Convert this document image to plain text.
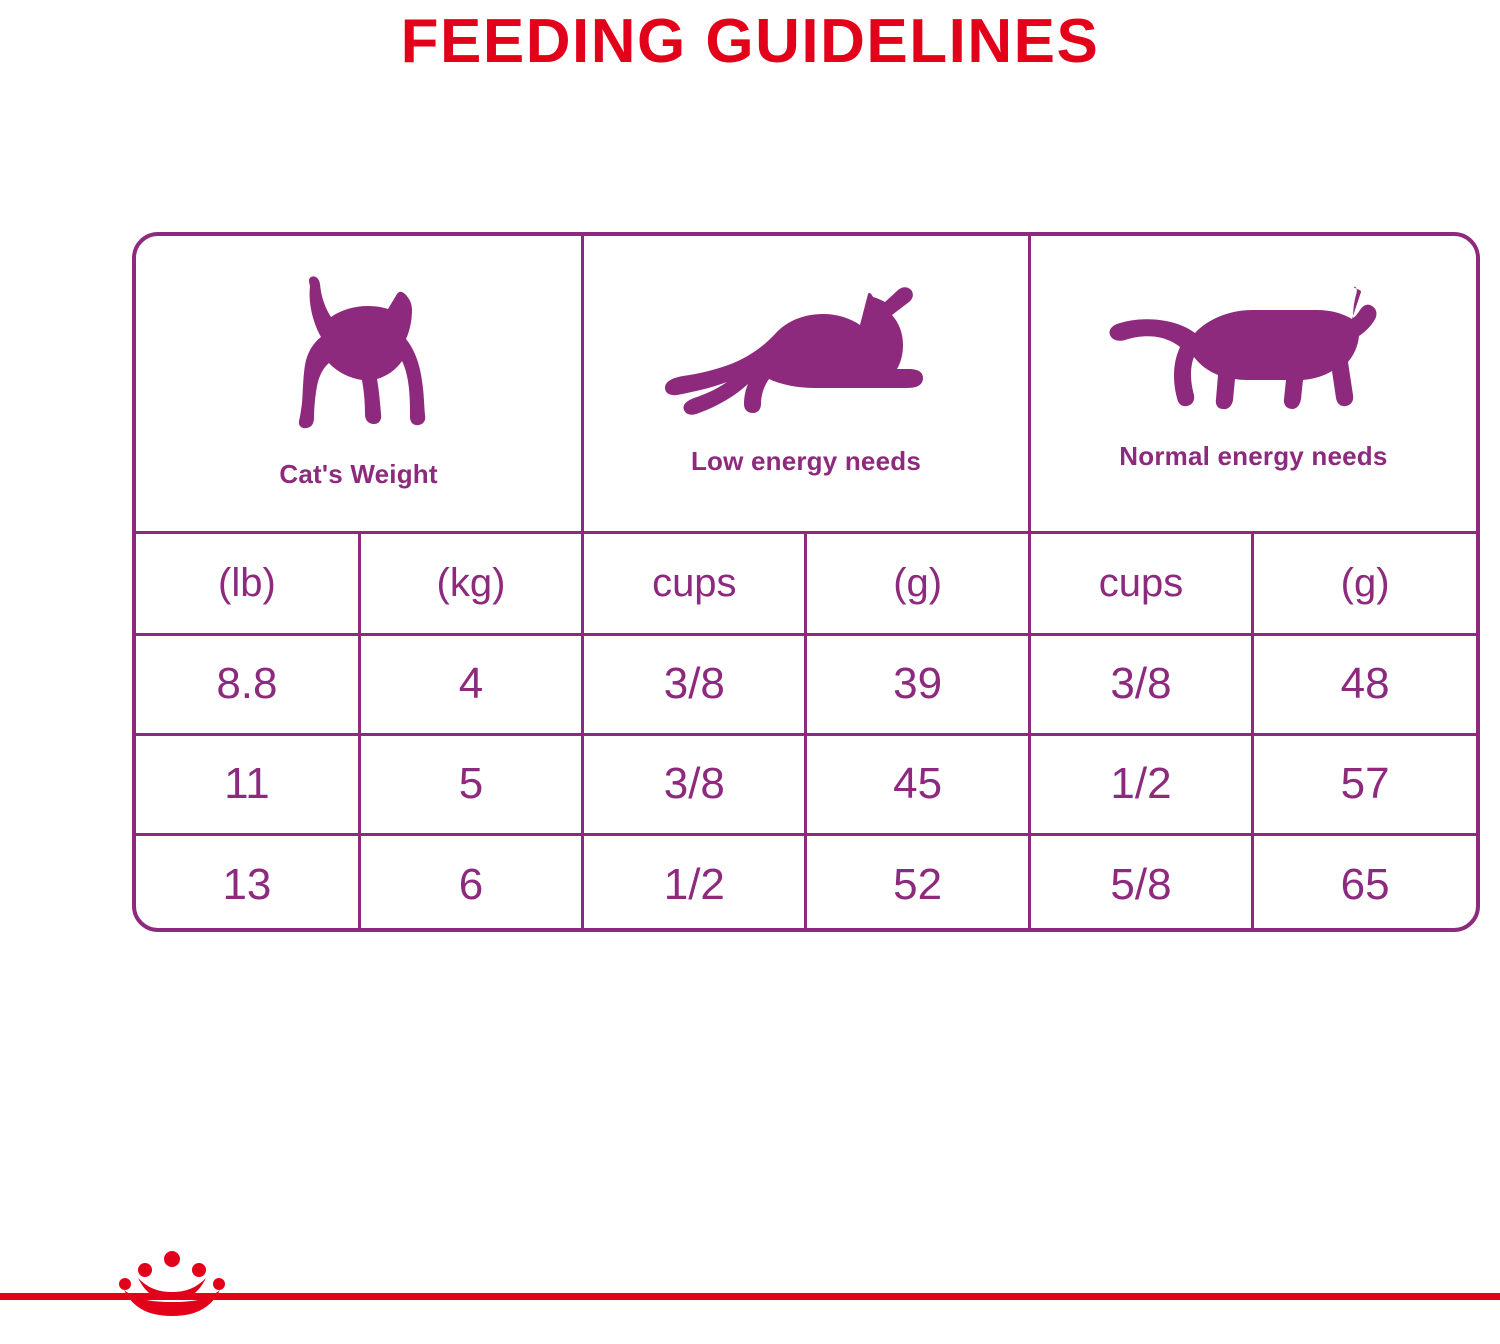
FEEDING GUIDELINES
Cat's Weight		Low energy needs		Normal energy needs	

(lb)	(kg)	cups	(g)	cups	(g)
8.8	4	3/8	39	3/8	48
11	5	3/8	45	1/2	57
13	6	1/2	52	5/8	65
